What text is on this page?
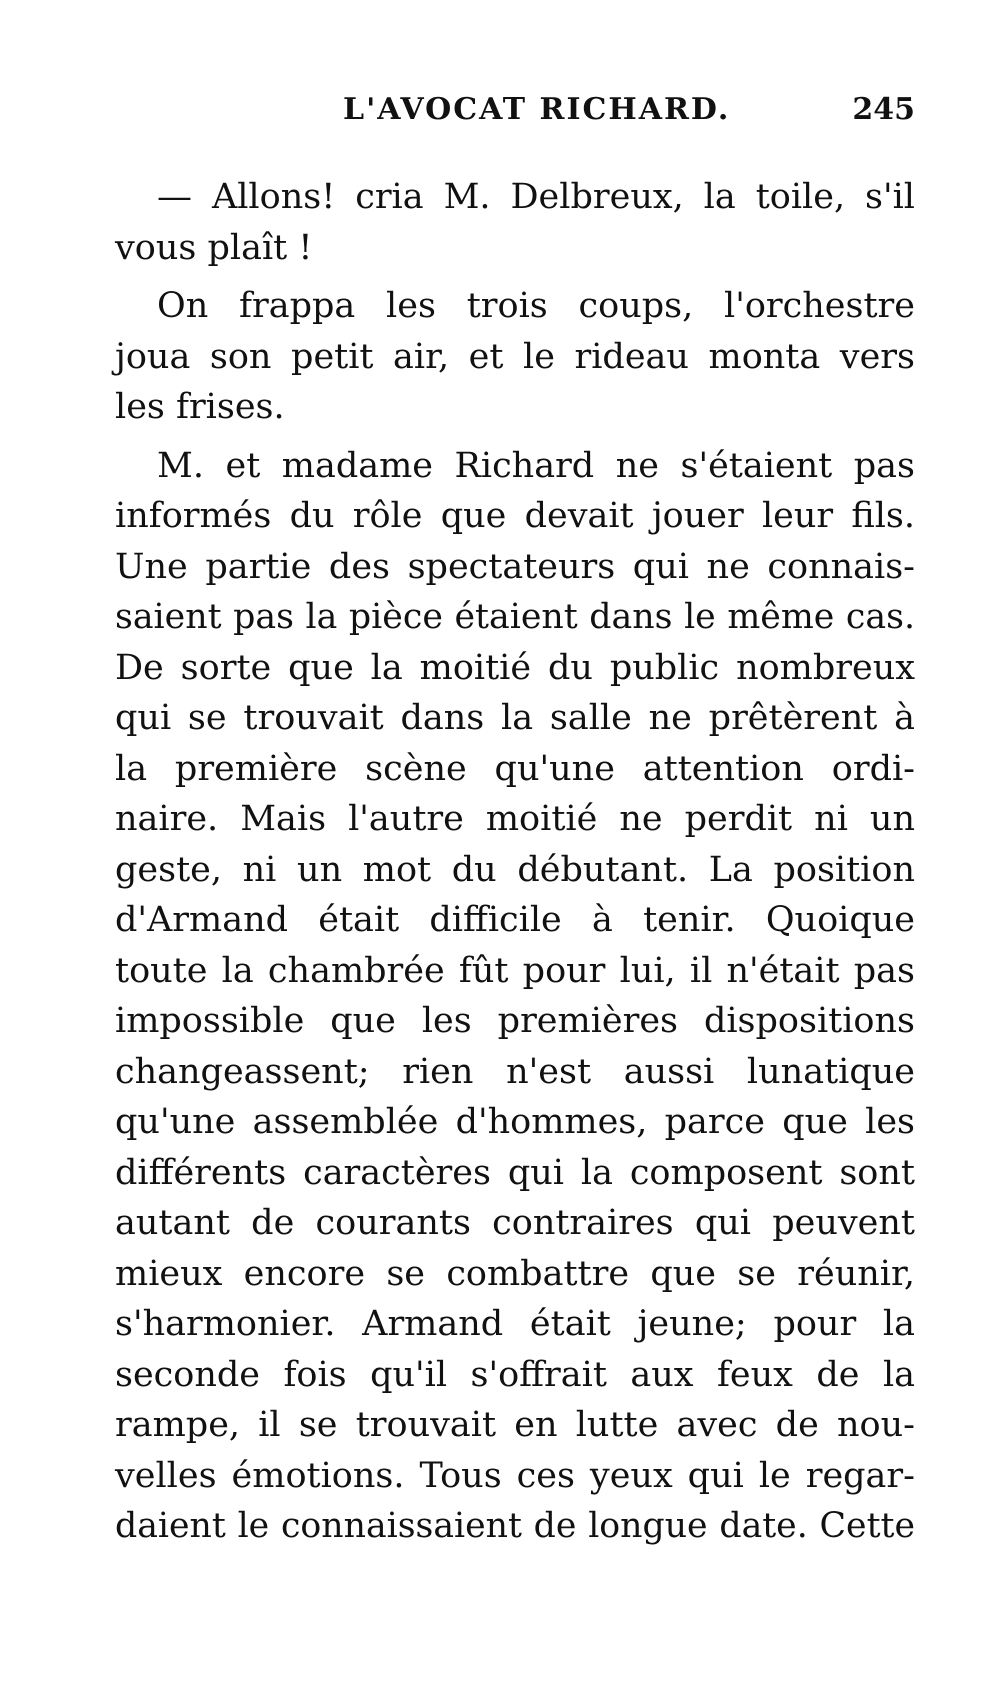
L'AVOCAT RICHARD.	245
— Allons! cria M. Delbreux, la toile, s'il
vous plaît !
On frappa les trois coups, l'orchestre
joua son petit air, et le rideau monta vers
les frises.
M. et madame Richard ne s'étaient pas
informés du rôle que devait jouer leur fils.
Une partie des spectateurs qui ne connais-
saient pas la pièce étaient dans le même cas.
De sorte que la moitié du public nombreux
qui se trouvait dans la salle ne prêtèrent à
la première scène qu'une attention ordi-
naire. Mais l'autre moitié ne perdit ni un
geste, ni un mot du débutant. La position
d'Armand était difficile à tenir. Quoique
toute la chambrée fût pour lui, il n'était pas
impossible que les premières dispositions
changeassent; rien n'est aussi lunatique
qu'une assemblée d'hommes, parce que les
différents caractères qui la composent sont
autant de courants contraires qui peuvent
mieux encore se combattre que se réunir,
s'harmonier. Armand était jeune; pour la
seconde fois qu'il s'offrait aux feux de la
rampe, il se trouvait en lutte avec de nou-
velles émotions. Tous ces yeux qui le regar-
daient le connaissaient de longue date. Cette
